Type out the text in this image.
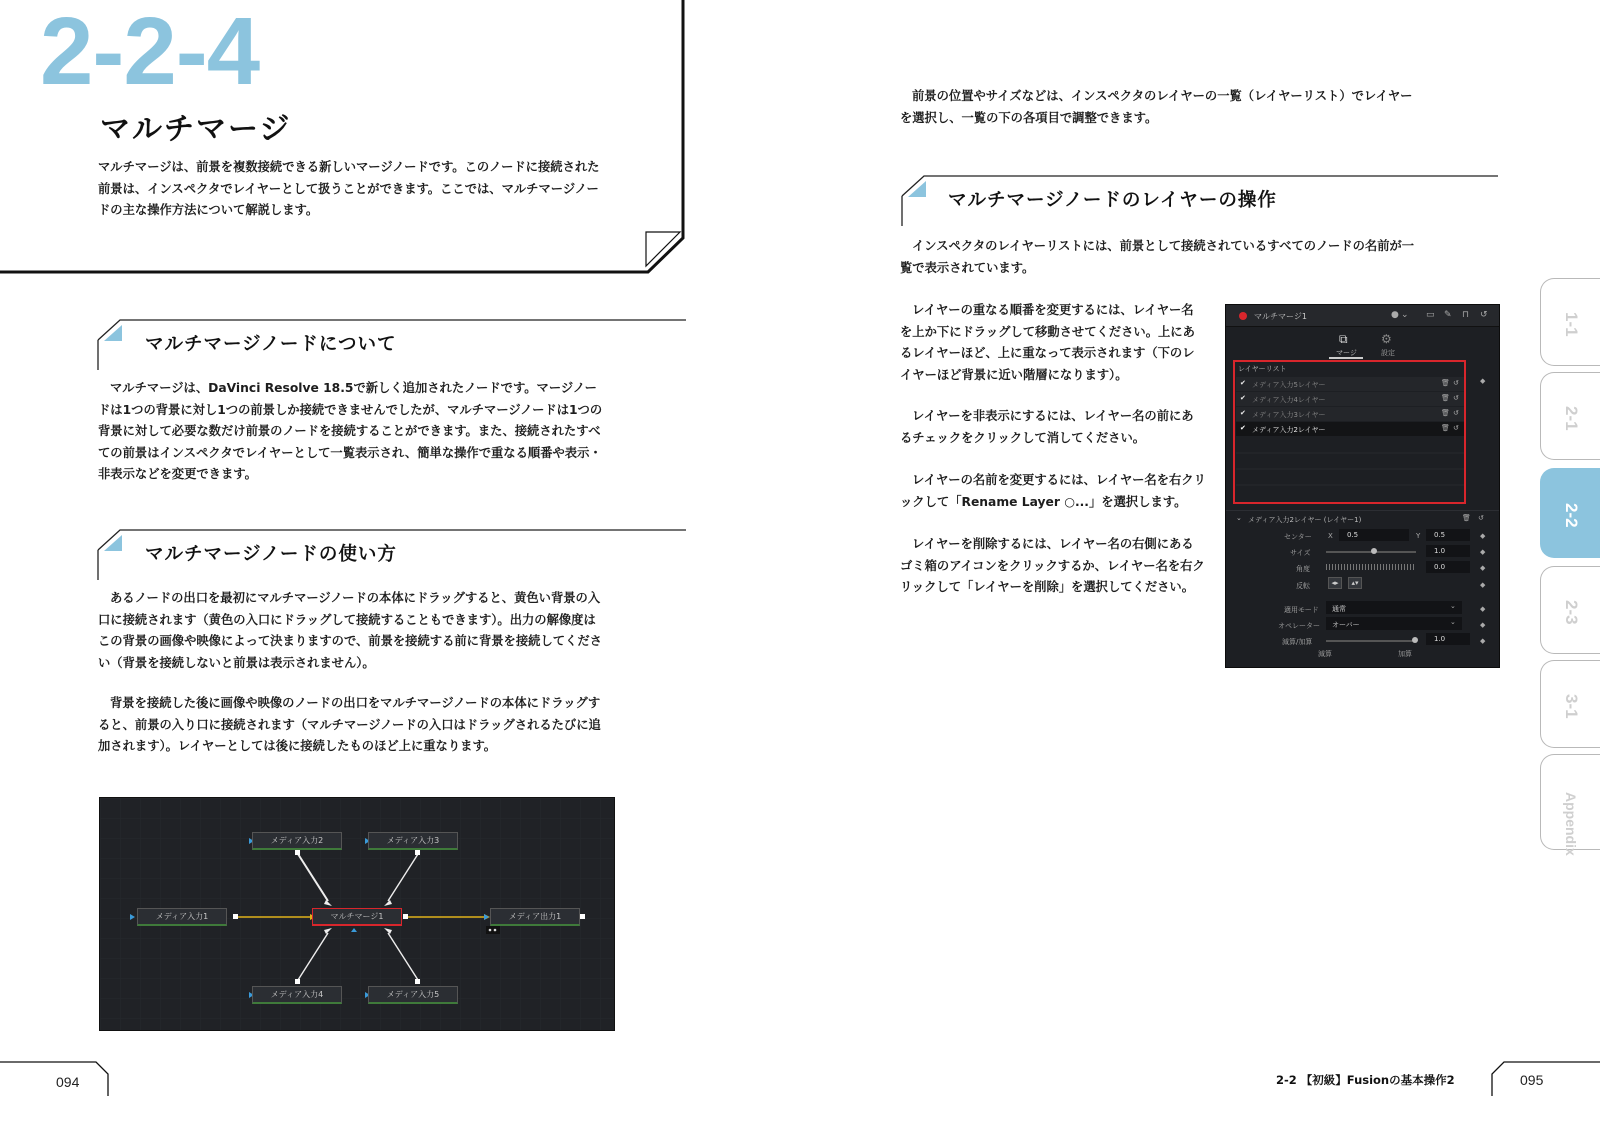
2-2-4
マルチマージ
マルチマージは、前景を複数接続できる新しいマージノードです。このノードに接続された前景は、インスペクタでレイヤーとして扱うことができます。ここでは、マルチマージノードの主な操作方法について解説します。
マルチマージノードについて
マルチマージは、DaVinci Resolve 18.5で新しく追加されたノードです。マージノードは1つの背景に対し1つの前景しか接続できませんでしたが、マルチマージノードは1つの背景に対して必要な数だけ前景のノードを接続することができます。また、接続されたすべての前景はインスペクタでレイヤーとして一覧表示され、簡単な操作で重なる順番や表示・非表示などを変更できます。
マルチマージノードの使い方
あるノードの出口を最初にマルチマージノードの本体にドラッグすると、黄色い背景の入口に接続されます（黄色の入口にドラッグして接続することもできます）。出力の解像度はこの背景の画像や映像によって決まりますので、前景を接続する前に背景を接続してください（背景を接続しないと前景は表示されません）。
背景を接続した後に画像や映像のノードの出口をマルチマージノードの本体にドラッグすると、前景の入り口に接続されます（マルチマージノードの入口はドラッグされるたびに追加されます）。レイヤーとしては後に接続したものほど上に重なります。
メディア入力1
メディア入力2	メディア入力3
メディア入力4	メディア入力5
マルチマージ1	メディア出力1
094
前景の位置やサイズなどは、インスペクタのレイヤーの一覧（レイヤーリスト）でレイヤーを選択し、一覧の下の各項目で調整できます。
マルチマージノードのレイヤーの操作
インスペクタのレイヤーリストには、前景として接続されているすべてのノードの名前が一覧で表示されています。
レイヤーの重なる順番を変更するには、レイヤー名を上か下にドラッグして移動させてください。上にあるレイヤーほど、上に重なって表示されます（下のレイヤーほど背景に近い階層になります）。
レイヤーを非表示にするには、レイヤー名の前にあるチェックをクリックして消してください。
レイヤーの名前を変更するには、レイヤー名を右クリックして「Rename Layer ○...」を選択します。
レイヤーを削除するには、レイヤー名の右側にあるゴミ箱のアイコンをクリックするか、レイヤー名を右クリックして「レイヤーを削除」を選択してください。
マルチマージ1	● ⌄ ▭ ✎ ⊓ ↺
⧉
マージ
⚙
設定
レイヤーリスト
◆
✔ メディア入力5レイヤー	🗑 ↺
✔ メディア入力4レイヤー	🗑 ↺
✔ メディア入力3レイヤー	🗑 ↺
✔ メディア入力2レイヤー	🗑 ↺
⌄ メディア入力2レイヤー (レイヤー1)	🗑 ↺
センター X 0.5	Y 0.5	◆
サイズ	1.0	◆
角度	0.0	◆
反転	◂▸	▴▾	◆
適用モード 通常	⌄	◆
オペレーター オーバー	⌄	◆
減算/加算	1.0	◆
減算	加算
1-1
2-1
2-2
2-3
3-1
Appendix
2-2 【初級】Fusionの基本操作2	095
